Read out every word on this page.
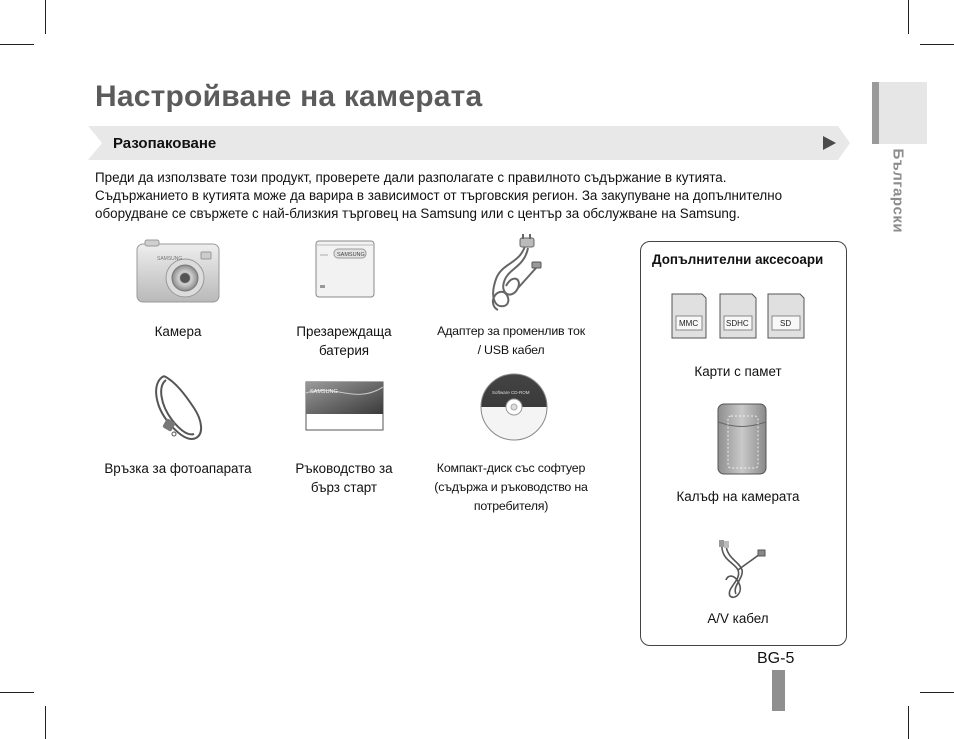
Български
Настройване на камерата
Разопаковане

Преди да използвате този продукт, проверете дали разполагате с правилното съдържание в кутията.

Съдържанието в кутията може да варира в зависимост от търговския регион. За закупуване на допълнително

оборудване се свържете с най-близкия търговец на Samsung или с център за обслужване на Samsung.

SAMSUNG
Камера
SAMSUNG
Презареждаща
батерия
Адаптер за променлив ток
/ USB кабел
Връзка за фотоапарата
SAMSUNG
Ръководство за
бърз старт
Software CD-ROM
Компакт-диск със софтуер
(съдържа и ръководство на
потребителя)
Допълнителни аксесоари
MMC	SDHC	SD
Карти с памет
Калъф на камерата
A/V кабел
BG-5
